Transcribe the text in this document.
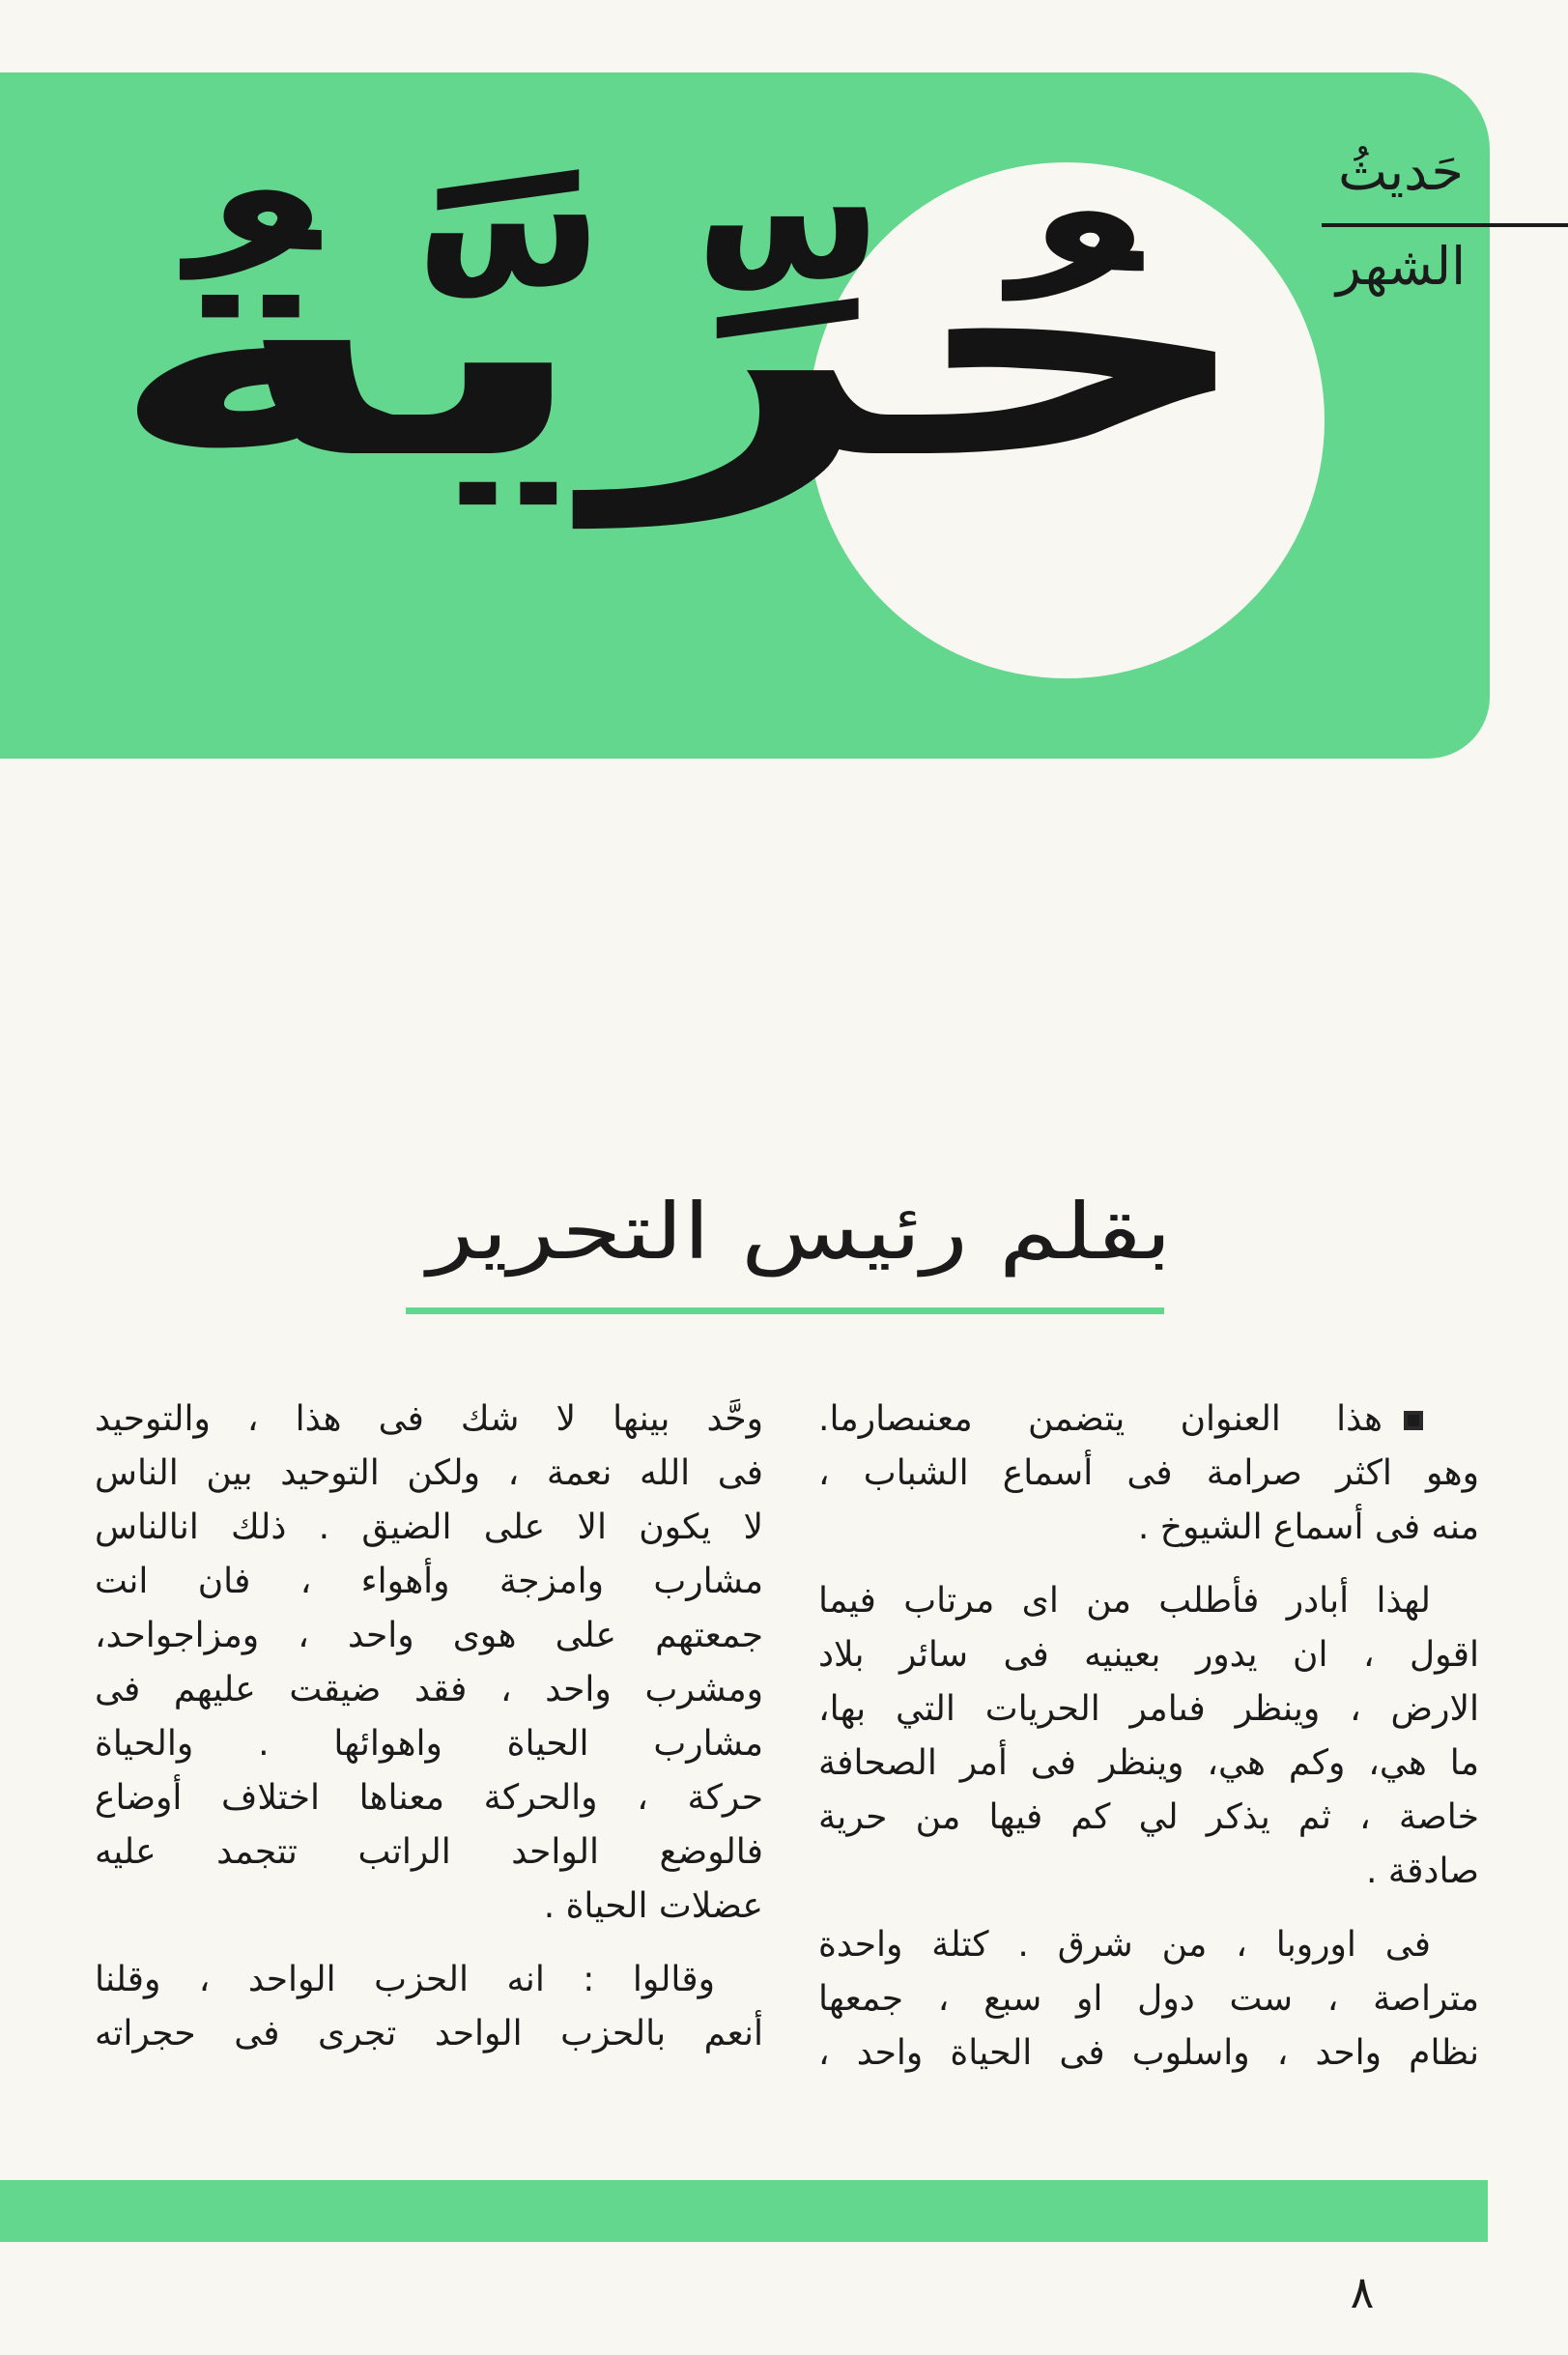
حُرِّيَّةُ	حَديثُ
الشهر
بقلم رئيس التحرير
هذا العنوان يتضمن معنىصارما.
وهو اكثر صرامة فى أسماع الشباب ،
منه فى أسماع الشيوخ .
لهذا أبادر فأطلب من اى مرتاب فيما
اقول ، ان يدور بعينيه فى سائر بلاد
الارض ، وينظر فىامر الحريات التي بها،
ما هي، وكم هي، وينظر فى أمر الصحافة
خاصة ، ثم يذكر لي كم فيها من حرية
صادقة .
فى اوروبا ، من شرق . كتلة واحدة
متراصة ، ست دول او سبع ، جمعها
نظام واحد ، واسلوب فى الحياة واحد ،
وحَّد بينها لا شك فى هذا ، والتوحيد
فى الله نعمة ، ولكن التوحيد بين الناس
لا يكون الا على الضيق . ذلك انالناس
مشارب وامزجة وأهواء ، فان انت
جمعتهم على هوى واحد ، ومزاجواحد،
ومشرب واحد ، فقد ضيقت عليهم فى
مشارب الحياة واهوائها . والحياة
حركة ، والحركة معناها اختلاف أوضاع
فالوضع الواحد الراتب تتجمد عليه
عضلات الحياة .
وقالوا : انه الحزب الواحد ، وقلنا
أنعم بالحزب الواحد تجرى فى حجراته
٨
